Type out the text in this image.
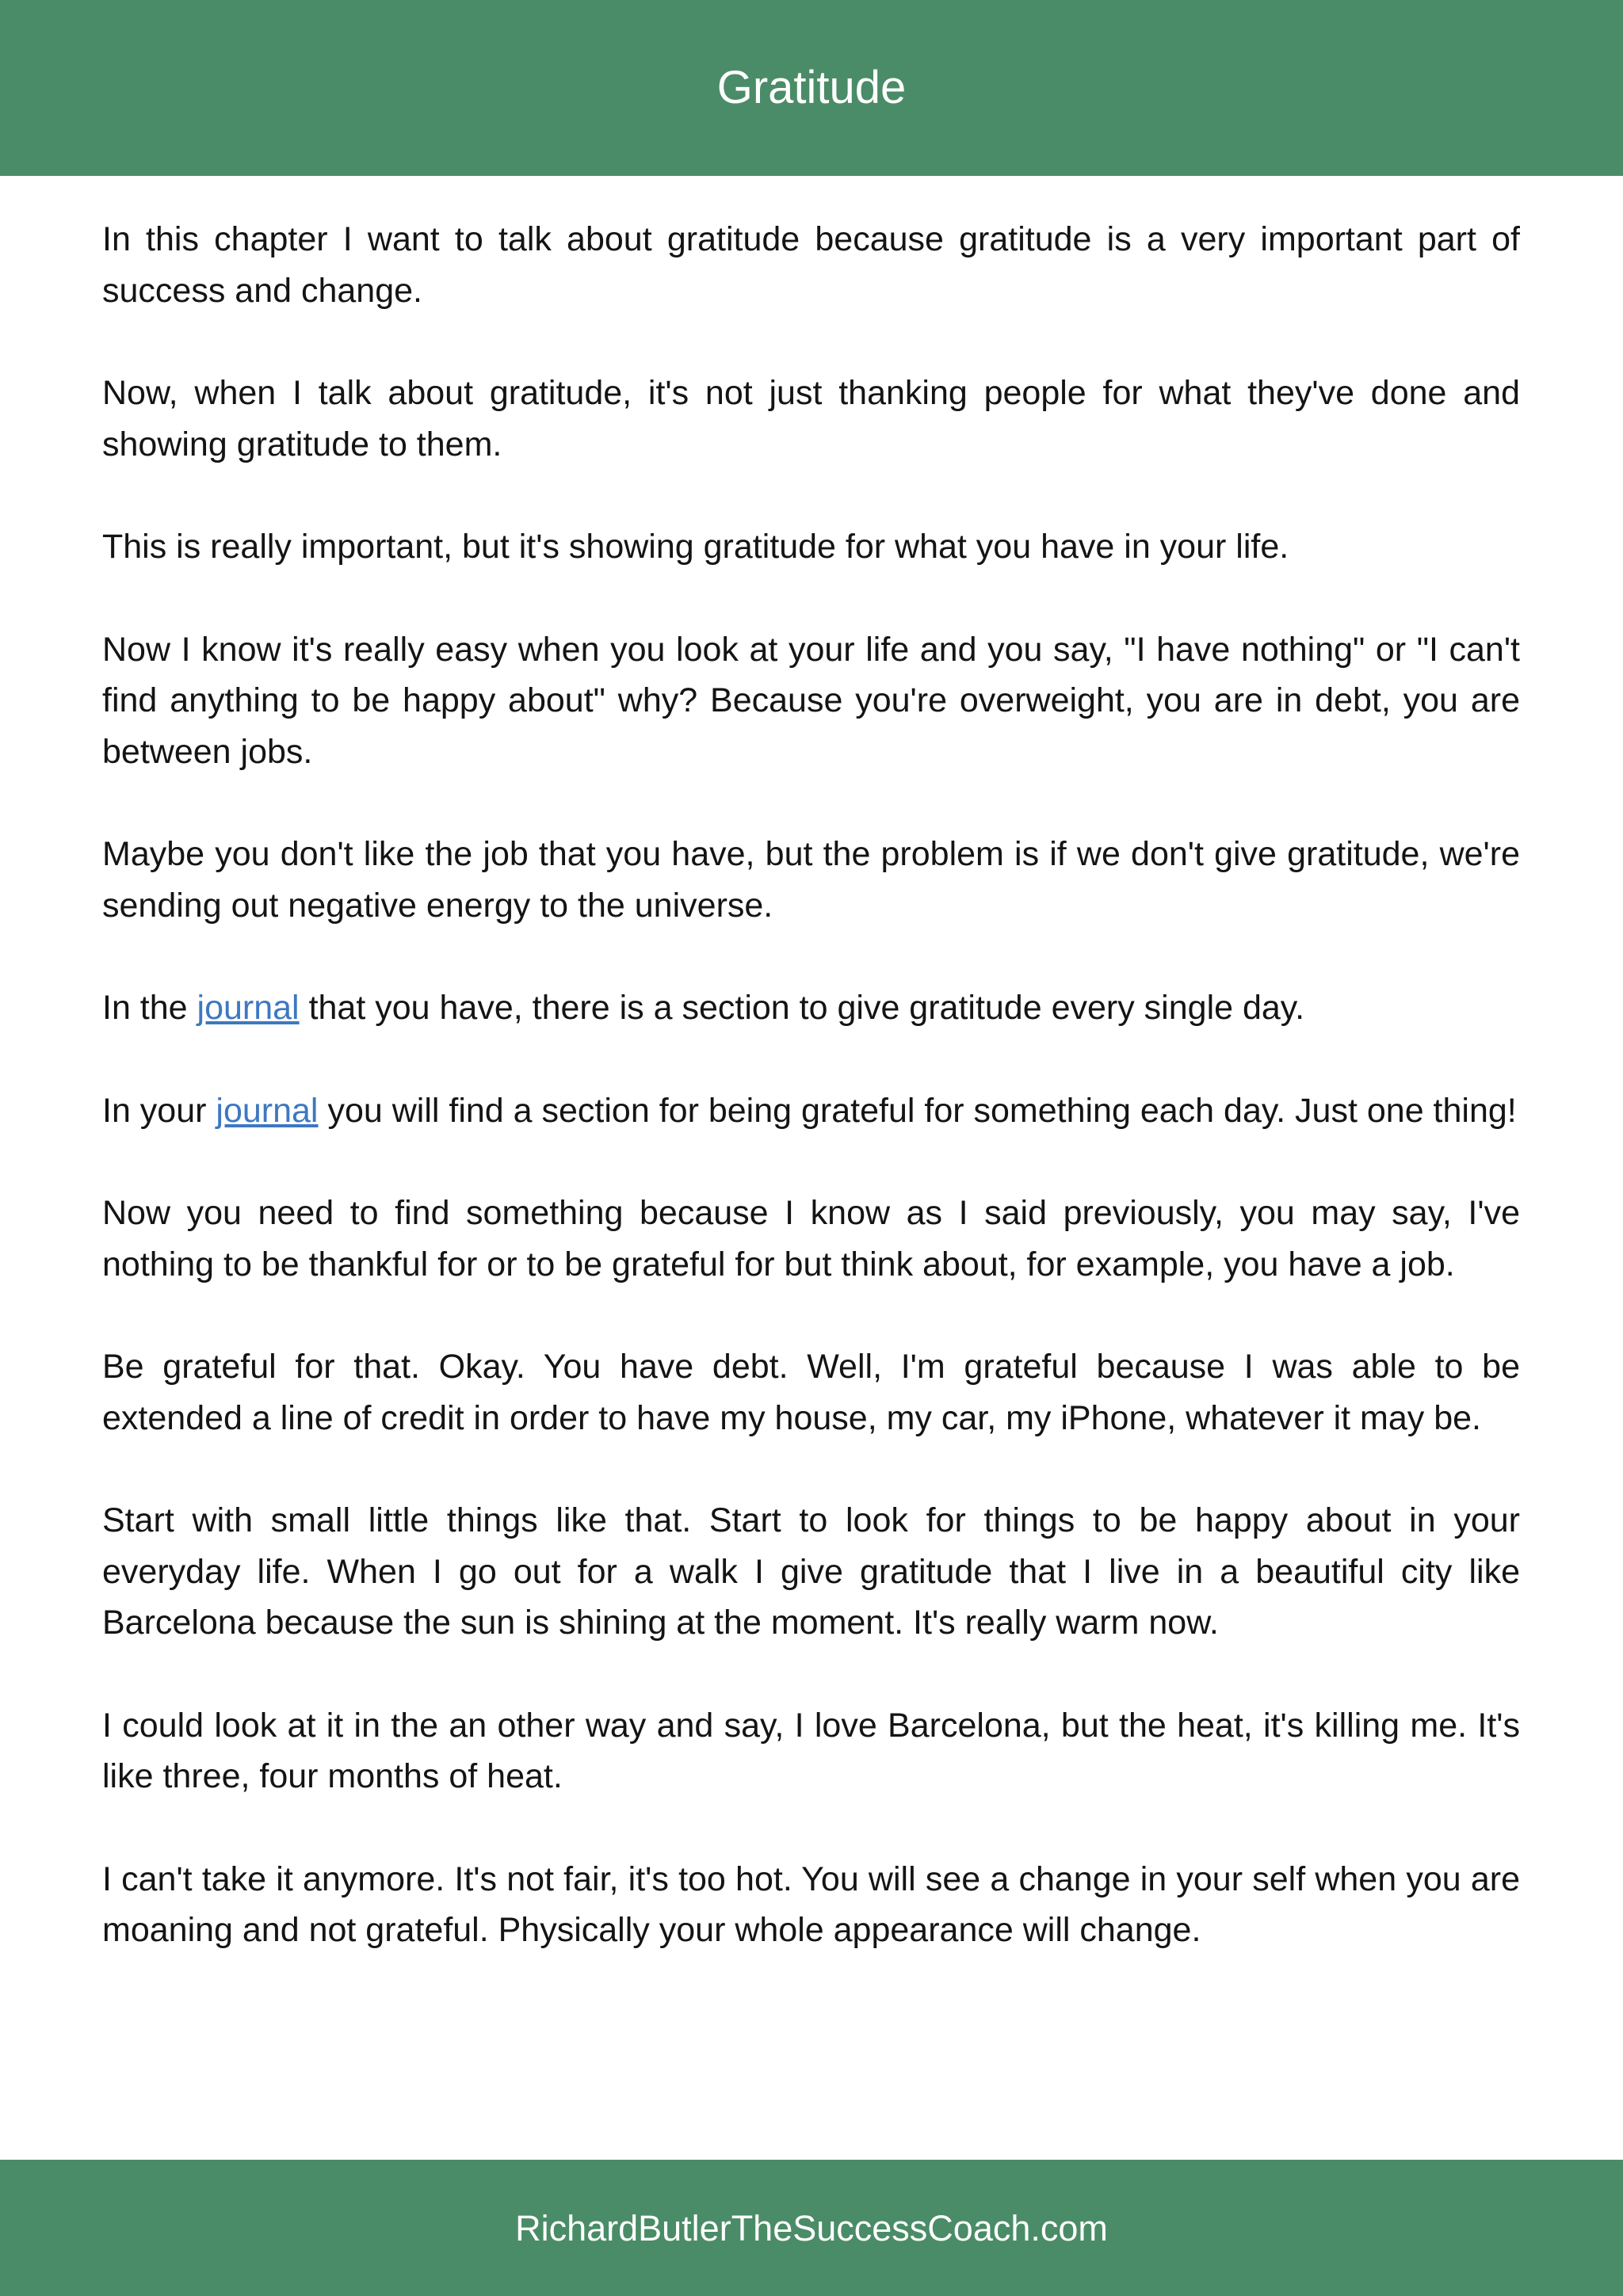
Gratitude

In this chapter I want to talk about gratitude because gratitude is a very important part of success and change.

Now, when I talk about gratitude, it's not just thanking people for what they've done and showing gratitude to them.

This is really important, but it's showing gratitude for what you have in your life.

Now I know it's really easy when you look at your life and you say, "I have nothing" or "I can't find anything to be happy about" why? Because you're overweight, you are in debt, you are between jobs.

Maybe you don't like the job that you have, but the problem is if we don't give gratitude, we're sending out negative energy to the universe.

In the journal that you have, there is a section to give gratitude every single day.

In your journal you will find a section for being grateful for something each day. Just one thing!

Now you need to find something because I know as I said previously, you may say, I've nothing to be thankful for or to be grateful for but think about, for example, you have a job.

Be grateful for that. Okay. You have debt. Well, I'm grateful because I was able to be extended a line of credit in order to have my house, my car, my iPhone, whatever it may be.

Start with small little things like that. Start to look for things to be happy about in your everyday life. When I go out for a walk I give gratitude that I live in a beautiful city like Barcelona because the sun is shining at the moment. It's really warm now.

I could look at it in the an other way and say, I love Barcelona, but the heat, it's killing me. It's like three, four months of heat.

I can't take it anymore. It's not fair, it's too hot. You will see a change in your self when you are moaning and not grateful. Physically your whole appearance will change.

RichardButlerTheSuccessCoach.com
